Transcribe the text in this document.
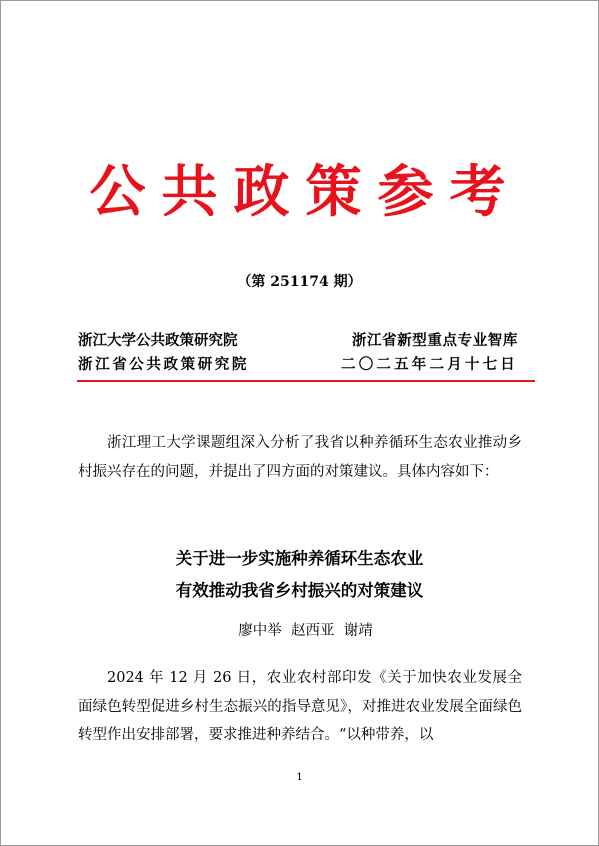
公共政策参考
（第 251174 期）
浙江大学公共政策研究院	浙江省新型重点专业智库
浙江省公共政策研究院	二〇二五年二月十七日
浙江理工大学课题组深入分析了我省以种养循环生态农业推动乡村振兴存在的问题，并提出了四方面的对策建议。具体内容如下：
关于进一步实施种养循环生态农业
有效推动我省乡村振兴的对策建议
廖中举  赵西亚  谢靖
2024 年 12 月 26 日，农业农村部印发《关于加快农业发展全面绿色转型促进乡村生态振兴的指导意见》，对推进农业发展全面绿色转型作出安排部署，要求推进种养结合。“以种带养，以
1
